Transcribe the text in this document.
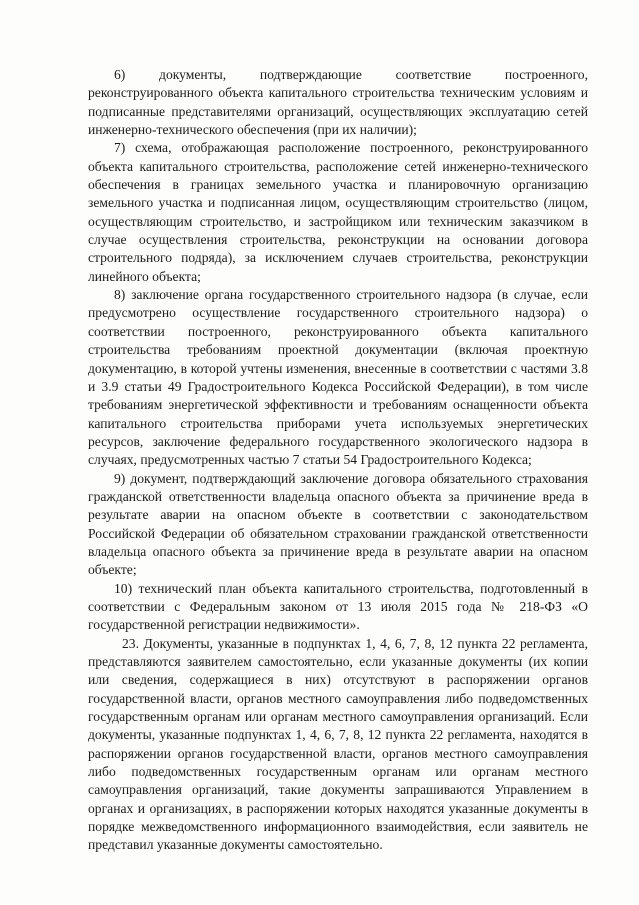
6) документы, подтверждающие соответствие построенного, реконструированного объекта капитального строительства техническим условиям и подписанные представителями организаций, осуществляющих эксплуатацию сетей инженерно-технического обеспечения (при их наличии);

7) схема, отображающая расположение построенного, реконструированного объекта капитального строительства, расположение сетей инженерно-технического обеспечения в границах земельного участка и планировочную организацию земельного участка и подписанная лицом, осуществляющим строительство (лицом, осуществляющим строительство, и застройщиком или техническим заказчиком в случае осуществления строительства, реконструкции на основании договора строительного подряда), за исключением случаев строительства, реконструкции линейного объекта;

8) заключение органа государственного строительного надзора (в случае, если предусмотрено осуществление государственного строительного надзора) о соответствии построенного, реконструированного объекта капитального строительства требованиям проектной документации (включая проектную документацию, в которой учтены изменения, внесенные в соответствии с частями 3.8 и 3.9 статьи 49 Градостроительного Кодекса Российской Федерации), в том числе требованиям энергетической эффективности и требованиям оснащенности объекта капитального строительства приборами учета используемых энергетических ресурсов, заключение федерального государственного экологического надзора в случаях, предусмотренных частью 7 статьи 54 Градостроительного Кодекса;

9) документ, подтверждающий заключение договора обязательного страхования гражданской ответственности владельца опасного объекта за причинение вреда в результате аварии на опасном объекте в соответствии с законодательством Российской Федерации об обязательном страховании гражданской ответственности владельца опасного объекта за причинение вреда в результате аварии на опасном объекте;

10) технический план объекта капитального строительства, подготовленный в соответствии с Федеральным законом от 13 июля 2015 года № 218-ФЗ «О государственной регистрации недвижимости».

23. Документы, указанные в подпунктах 1, 4, 6, 7, 8, 12 пункта 22 регламента, представляются заявителем самостоятельно, если указанные документы (их копии или сведения, содержащиеся в них) отсутствуют в распоряжении органов государственной власти, органов местного самоуправления либо подведомственных государственным органам или органам местного самоуправления организаций. Если документы, указанные подпунктах 1, 4, 6, 7, 8, 12 пункта 22 регламента, находятся в распоряжении органов государственной власти, органов местного самоуправления либо подведомственных государственным органам или органам местного самоуправления организаций, такие документы запрашиваются Управлением в органах и организациях, в распоряжении которых находятся указанные документы в порядке межведомственного информационного взаимодействия, если заявитель не представил указанные документы самостоятельно.
